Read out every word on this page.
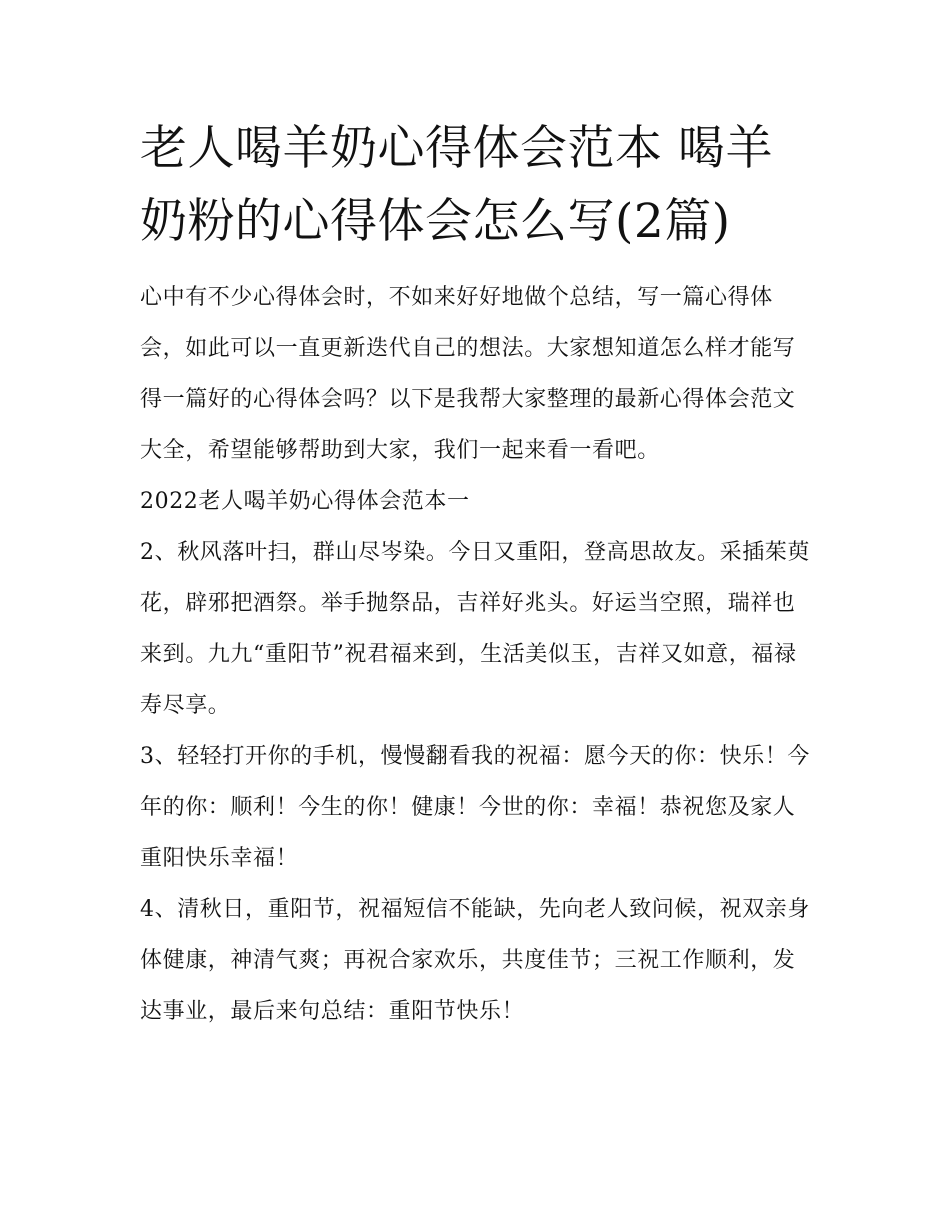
老人喝羊奶心得体会范本 喝羊奶粉的心得体会怎么写(2篇)

心中有不少心得体会时，不如来好好地做个总结，写一篇心得体会，如此可以一直更新迭代自己的想法。大家想知道怎么样才能写得一篇好的心得体会吗？以下是我帮大家整理的最新心得体会范文大全，希望能够帮助到大家，我们一起来看一看吧。

2022老人喝羊奶心得体会范本一

2、秋风落叶扫，群山尽岑染。今日又重阳，登高思故友。采插茱萸花，辟邪把酒祭。举手抛祭品，吉祥好兆头。好运当空照，瑞祥也来到。九九“重阳节”祝君福来到，生活美似玉，吉祥又如意，福禄寿尽享。

3、轻轻打开你的手机，慢慢翻看我的祝福：愿今天的你：快乐！今年的你：顺利！今生的你！健康！今世的你：幸福！恭祝您及家人重阳快乐幸福！

4、清秋日，重阳节，祝福短信不能缺，先向老人致问候，祝双亲身体健康，神清气爽；再祝合家欢乐，共度佳节；三祝工作顺利，发达事业，最后来句总结：重阳节快乐！
